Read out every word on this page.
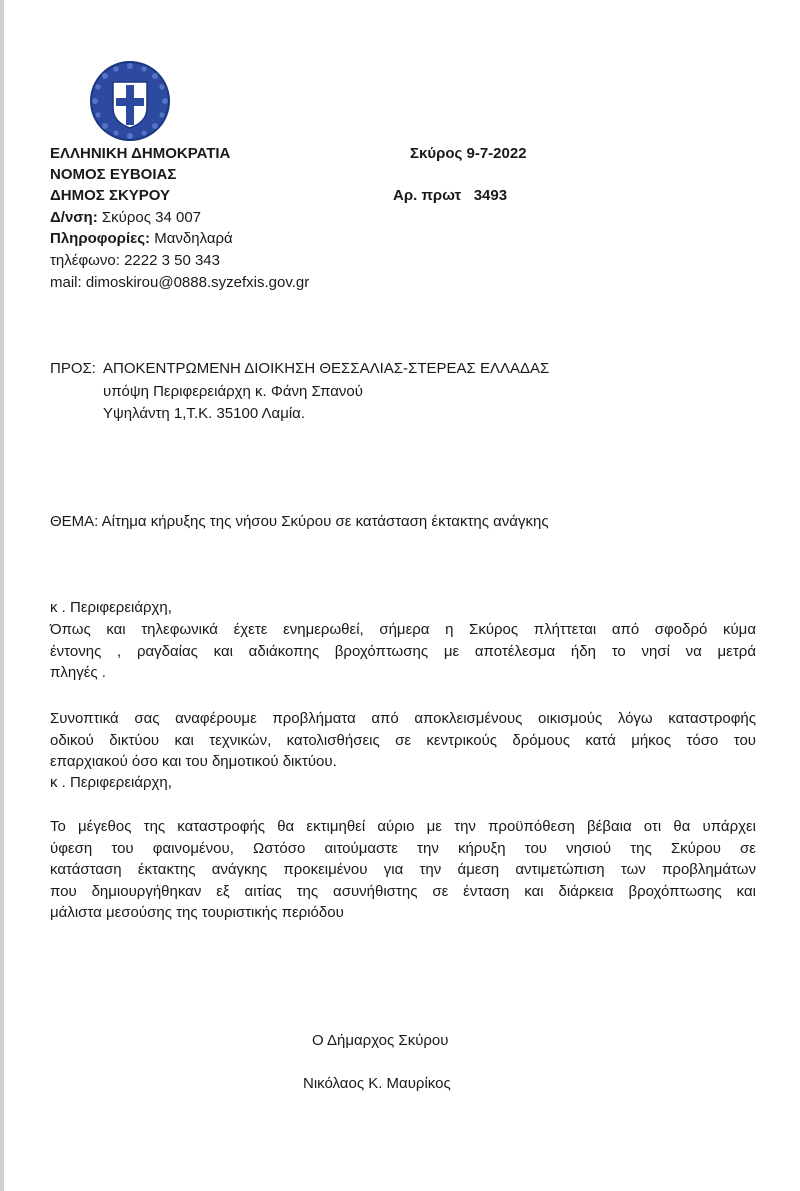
ΕΛΛΗΝΙΚΗ ΔΗΜΟΚΡΑΤΙΑ
ΝΟΜΟΣ ΕΥΒΟΙΑΣ
ΔΗΜΟΣ ΣΚΥΡΟΥ
Δ/νση: Σκύρος 34 007
Πληροφορίες: Μανδηλαρά
τηλέφωνο: 2222 3 50 343
mail: dimoskirou@0888.syzefxis.gov.gr
Σκύρος 9-7-2022
Αρ. πρωτ 3493
ΠΡΟΣ: ΑΠΟΚΕΝΤΡΩΜΕΝΗ ΔΙΟΙΚΗΣΗ ΘΕΣΣΑΛΙΑΣ-ΣΤΕΡΕΑΣ ΕΛΛΑΔΑΣ
υπόψη Περιφερειάρχη κ. Φάνη Σπανού
Υψηλάντη 1,Τ.Κ. 35100 Λαμία.
ΘΕΜΑ: Αίτημα κήρυξης της νήσου Σκύρου σε κατάσταση έκτακτης ανάγκης
κ . Περιφερειάρχη,
Όπως και τηλεφωνικά έχετε ενημερωθεί, σήμερα η Σκύρος πλήττεται από σφοδρό κύμα
έντονης , ραγδαίας και αδιάκοπης βροχόπτωσης με αποτέλεσμα ήδη το νησί να μετρά
πληγές .
Συνοπτικά σας αναφέρουμε προβλήματα από αποκλεισμένους οικισμούς λόγω καταστροφής
οδικού δικτύου και τεχνικών, κατολισθήσεις σε κεντρικούς δρόμους κατά μήκος τόσο του
επαρχιακού όσο και του δημοτικού δικτύου.
κ . Περιφερειάρχη,
Το μέγεθος της καταστροφής θα εκτιμηθεί αύριο με την προϋπόθεση βέβαια οτι θα υπάρχει
ύφεση του φαινομένου, Ωστόσο αιτούμαστε την κήρυξη του νησιού της Σκύρου σε
κατάσταση έκτακτης ανάγκης προκειμένου για την άμεση αντιμετώπιση των προβλημάτων
που δημιουργήθηκαν εξ αιτίας της ασυνήθιστης σε ένταση και διάρκεια βροχόπτωσης και
μάλιστα μεσούσης της τουριστικής περιόδου
Ο Δήμαρχος Σκύρου
Νικόλαος Κ. Μαυρίκος
